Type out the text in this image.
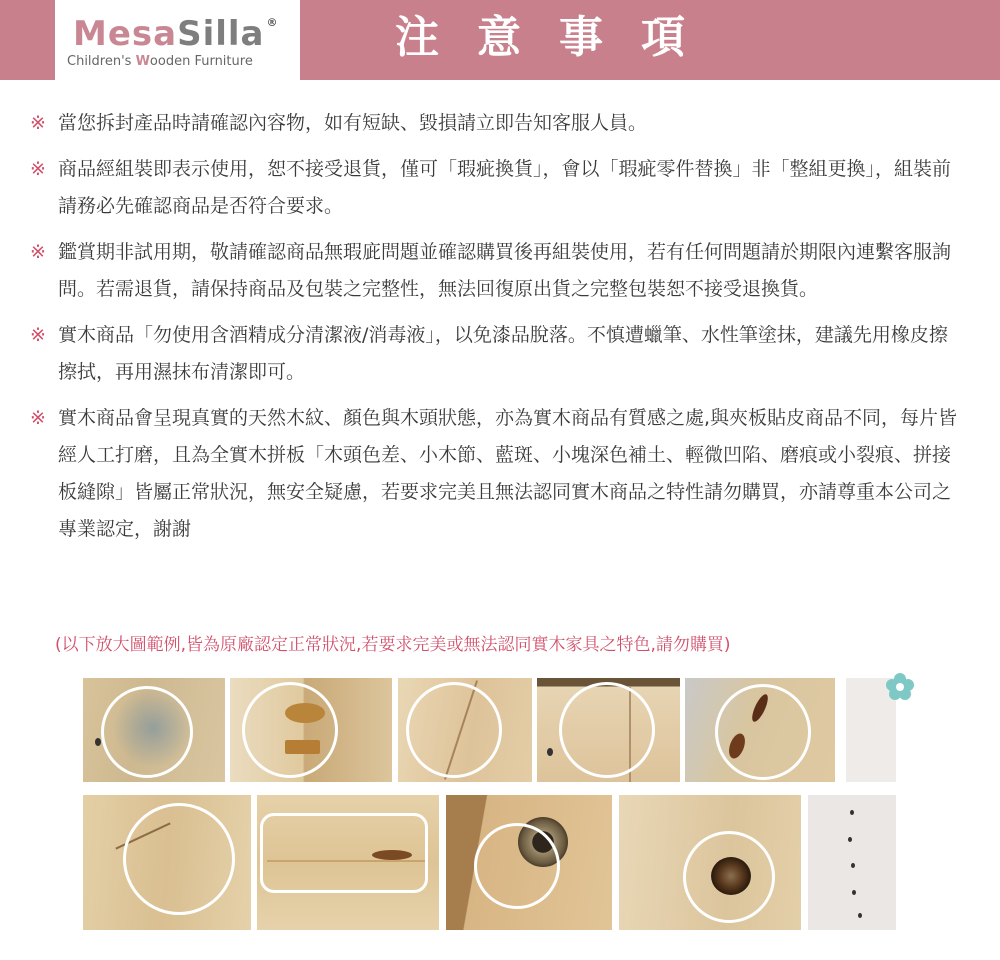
MesaSilla ®
Children's Wooden Furniture	注意事項
※ 當您拆封產品時請確認內容物，如有短缺、毀損請立即告知客服人員。
※ 商品經組裝即表示使用，恕不接受退貨，僅可「瑕疵換貨」，會以「瑕疵零件替換」非「整組更換」，組裝前請務必先確認商品是否符合要求。
※ 鑑賞期非試用期，敬請確認商品無瑕庛問題並確認購買後再組裝使用，若有任何問題請於期限內連繫客服詢問。若需退貨，請保持商品及包裝之完整性，無法回復原出貨之完整包裝恕不接受退換貨。
※ 實木商品「勿使用含酒精成分清潔液/消毒液」，以免漆品脫落。不慎遭蠟筆、水性筆塗抹，建議先用橡皮擦擦拭，再用濕抹布清潔即可。
※ 實木商品會呈現真實的天然木紋、顏色與木頭狀態，亦為實木商品有質感之處,與夾板貼皮商品不同，每片皆經人工打磨，且為全實木拼板「木頭色差、小木節、藍斑、小塊深色補土、輕微凹陷、磨痕或小裂痕、拼接板縫隙」皆屬正常狀況，無安全疑慮，若要求完美且無法認同實木商品之特性請勿購買，亦請尊重本公司之專業認定，謝謝
(以下放大圖範例,皆為原廠認定正常狀況,若要求完美或無法認同實木家具之特色,請勿購買)
